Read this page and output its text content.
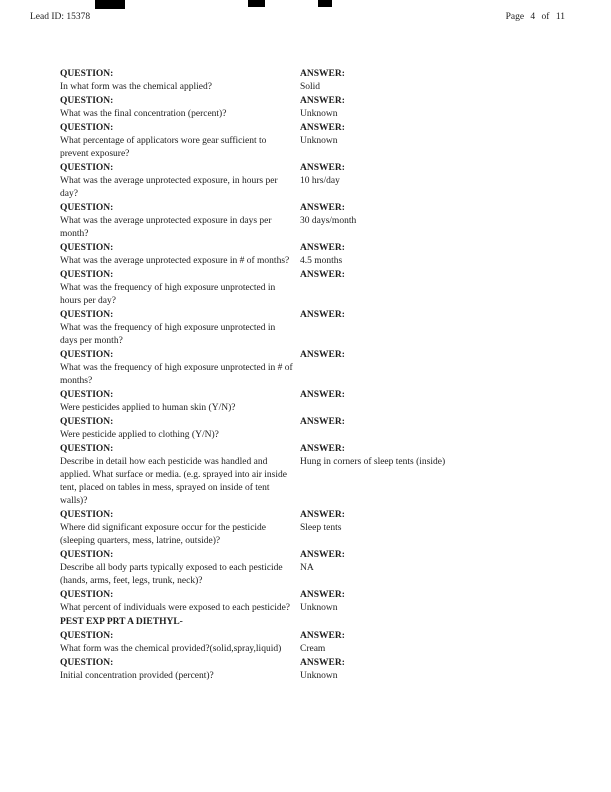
Lead ID: 15378	Page 4 of 11
QUESTION:
In what form was the chemical applied?
ANSWER:
Solid
QUESTION:
What was the final concentration (percent)?
ANSWER:
Unknown
QUESTION:
What percentage of applicators wore gear sufficient to prevent exposure?
ANSWER:
Unknown
QUESTION:
What was the average unprotected exposure, in hours per day?
ANSWER:
10 hrs/day
QUESTION:
What was the average unprotected exposure in days per month?
ANSWER:
30 days/month
QUESTION:
What was the average unprotected exposure in # of months?
ANSWER:
4.5 months
QUESTION:
What was the frequency of high exposure unprotected in hours per day?
ANSWER:
QUESTION:
What was the frequency of high exposure unprotected in days per month?
ANSWER:
QUESTION:
What was the frequency of high exposure unprotected in # of months?
ANSWER:
QUESTION:
Were pesticides applied to human skin (Y/N)?
ANSWER:
QUESTION:
Were pesticide applied to clothing (Y/N)?
ANSWER:
QUESTION:
Describe in detail how each pesticide was handled and applied. What surface or media. (e.g. sprayed into air inside tent, placed on tables in mess, sprayed on inside of tent walls)?
ANSWER:
Hung in corners of sleep tents (inside)
QUESTION:
Where did significant exposure occur for the pesticide (sleeping quarters, mess, latrine, outside)?
ANSWER:
Sleep tents
QUESTION:
Describe all body parts typically exposed to each pesticide (hands, arms, feet, legs, trunk, neck)?
ANSWER:
NA
QUESTION:
What percent of individuals were exposed to each pesticide?
ANSWER:
Unknown
PEST EXP PRT A DIETHYL-
QUESTION:
What form was the chemical provided?(solid,spray,liquid)
ANSWER:
Cream
QUESTION:
Initial concentration provided (percent)?
ANSWER:
Unknown
